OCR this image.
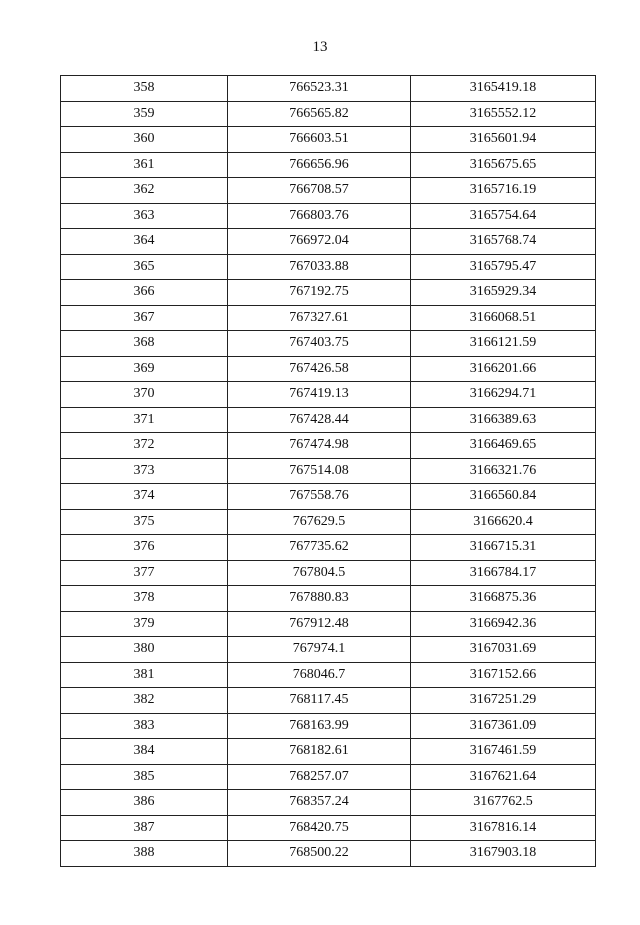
13
358	766523.31	3165419.18
359	766565.82	3165552.12
360	766603.51	3165601.94
361	766656.96	3165675.65
362	766708.57	3165716.19
363	766803.76	3165754.64
364	766972.04	3165768.74
365	767033.88	3165795.47
366	767192.75	3165929.34
367	767327.61	3166068.51
368	767403.75	3166121.59
369	767426.58	3166201.66
370	767419.13	3166294.71
371	767428.44	3166389.63
372	767474.98	3166469.65
373	767514.08	3166321.76
374	767558.76	3166560.84
375	767629.5	3166620.4
376	767735.62	3166715.31
377	767804.5	3166784.17
378	767880.83	3166875.36
379	767912.48	3166942.36
380	767974.1	3167031.69
381	768046.7	3167152.66
382	768117.45	3167251.29
383	768163.99	3167361.09
384	768182.61	3167461.59
385	768257.07	3167621.64
386	768357.24	3167762.5
387	768420.75	3167816.14
388	768500.22	3167903.18
